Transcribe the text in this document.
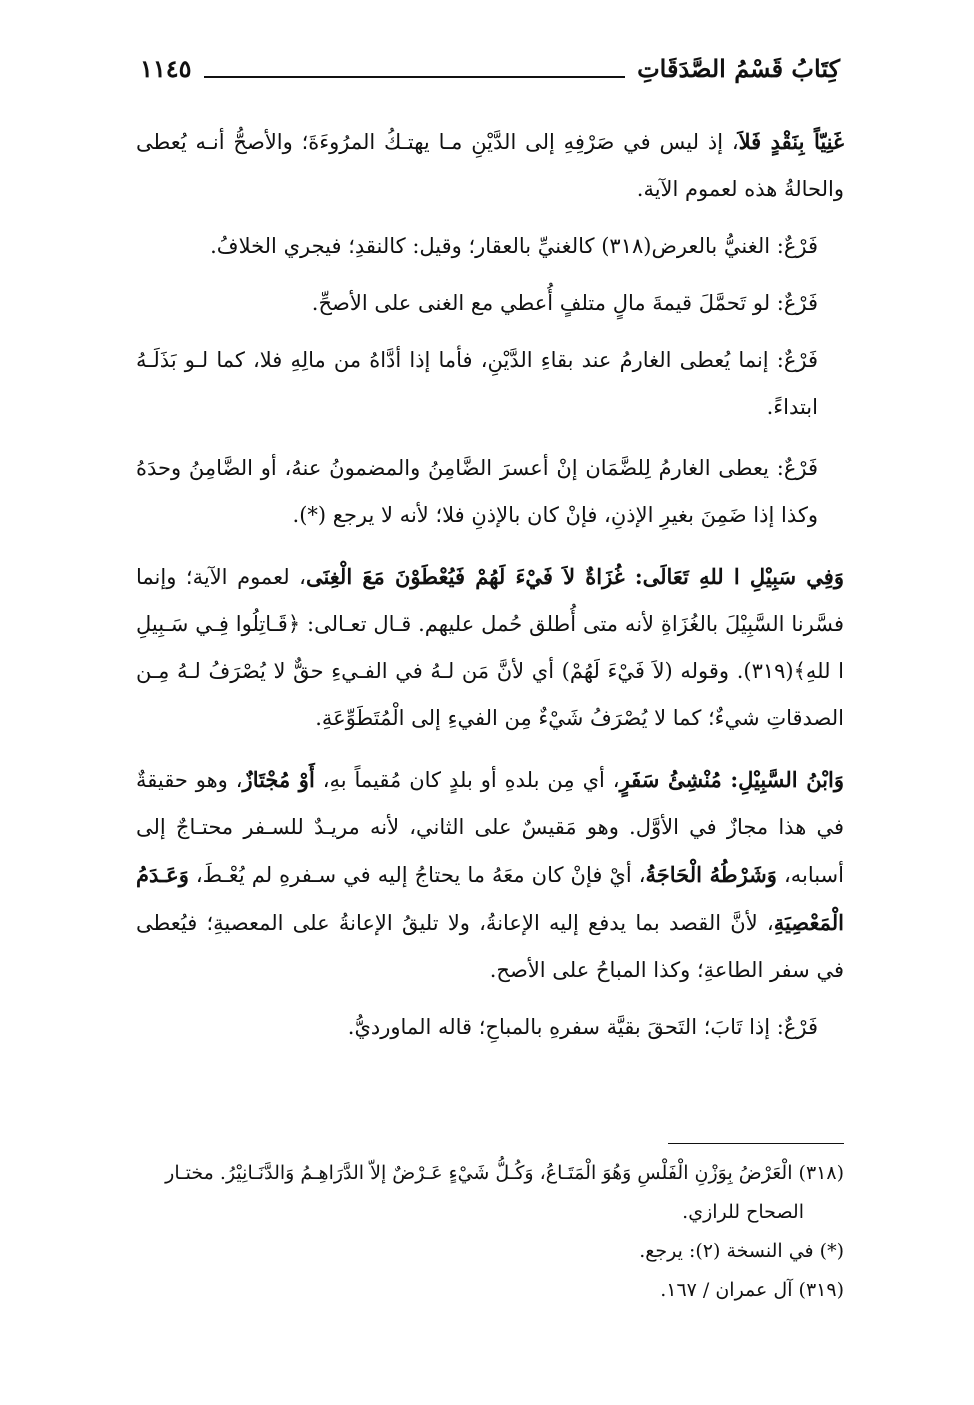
كِتَابُ قَسْمُ الصَّدَقَاتِ
١١٤٥

غَنِيّاً بِنَقْدٍ فَلاَ، إذ ليس في صَرْفِهِ إلى الدَّيْنِ مـا يهتـكُ المرُوءَةَ؛ والأصحُّ أنـه يُعطى والحالةُ هذه لعموم الآية.

فَرْعٌ: الغنيُّ بالعرض(٣١٨) كالغنيِّ بالعقار؛ وقيل: كالنقدِ؛ فيجري الخلافُ.

فَرْعٌ: لو تَحمَّلَ قيمةَ مالٍ متلفٍ أُعطي مع الغنى على الأصحِّ.

فَرْعٌ: إنما يُعطى الغارمُ عند بقاءِ الدَّيْنِ، فأما إذا أدَّاهُ من مالِهِ فلا، كما لـو بَذَلَـهُ ابتداءً.

فَرْعٌ: يعطى الغارمُ لِلضَّمَان إنْ أعسرَ الضَّامِنُ والمضمونُ عنهُ، أو الضَّامِنُ وحدَهُ وكذا إذا ضَمِنَ بغيرِ الإذنِ، فإنْ كان بالإذنِ فلا؛ لأنه لا يرجع (*).

وَفِي سَبِيْلِ ا للهِ تَعَالَى: غُزَاةٌ لاَ فَيْءَ لَهُمْ فَيُعْطَوْنَ مَعَ الْغِنَى، لعموم الآية؛ وإنما فسَّرنا السَّبِيْلَ بالغُزَاةِ لأنه متى أُطلق حُمل عليهم. قـال تعـالى: ﴿قَـاتِلُوا فِـي سَـبِيلِ ا للهِ﴾(٣١٩). وقوله (لاَ فَيْءَ لَهُمْ) أي لأنَّ مَن لـهُ في الفـيءِ حقٌّ لا يُصْرَفُ لـهُ مِـن الصدقاتِ شيءٌ؛ كما لا يُصْرَفُ شَيْءٌ مِن الفيءِ إلى الْمُتَطَوِّعَةِ.

وَابْنُ السَّبِيْلِ: مُنْشِئُ سَفَرٍ، أي مِن بلدهِ أو بلدٍ كان مُقيماً بهِ، أَوْ مُجْتَازٌ، وهو حقيقةٌ في هذا مجازٌ في الأوَّل. وهو مَقيسٌ على الثاني، لأنه مريـدٌ للسـفر محتـاجٌ إلى أسبابه، وَشَرْطُهُ الْحَاجَةُ، أيْ فإنْ كان معَهُ ما يحتاجُ إليه في سـفرهِ لم يُعْـطَ، وَعَـدَمُ الْمَعْصِيَةِ، لأنَّ القصد بما يدفع إليه الإعانةُ، ولا تليقُ الإعانةُ على المعصيةِ؛ فيُعطى في سفر الطاعةِ؛ وكذا المباحُ على الأصح.

فَرْعٌ: إذا تَابَ؛ التَحقَ بقيَّة سفرهِ بالمباحِ؛ قاله الماورديُّ.

(٣١٨) الْعَرْضُ بِوَزْنِ الْفَلْسِ وَهُوَ الْمَتَـاعُ، وَكُـلُّ شَيْءٍ عَـرْضٌ إلاّ الدَّرَاهِـمُ وَالدَّنَـانِيْرُ. مختـار
الصحاح للرازي.

(*) في النسخة (٢): يرجع.

(٣١٩) آل عمران / ١٦٧.
